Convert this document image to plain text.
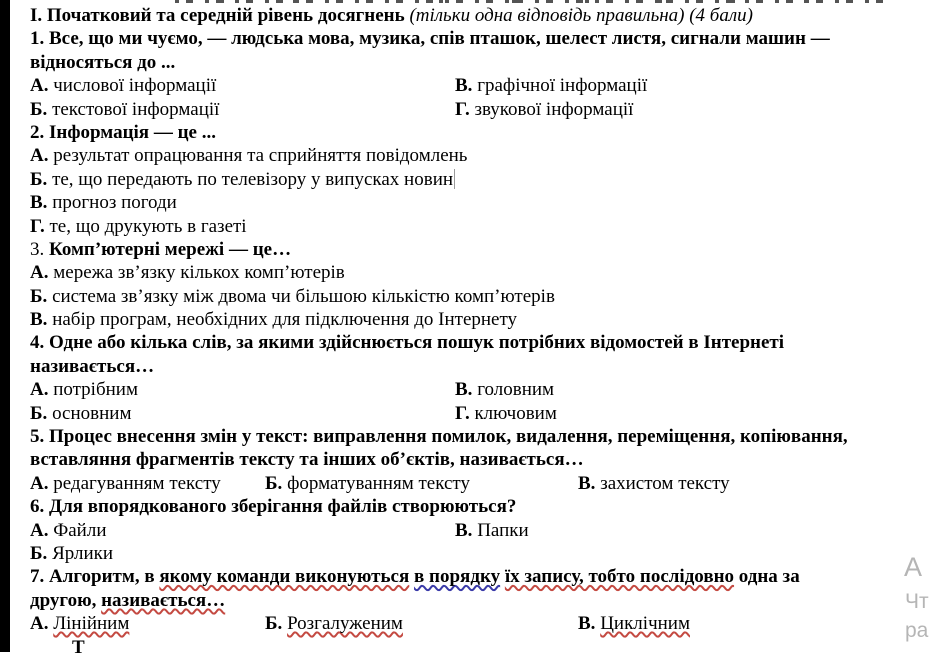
І. Початковий та середній рівень досягнень (тільки одна відповідь правильна) (4 бали)
1. Все, що ми чуємо, — людська мова, музика, спів пташок, шелест листя, сигнали машин —
відносяться до ...
А. числової інформації	В. графічної інформації
Б. текстової інформації	Г. звукової інформації
2. Інформація — це ...
А. результат опрацювання та сприйняття повідомлень
Б. те, що передають по телевізору у випусках новин
В. прогноз погоди
Г. те, що друкують в газеті
3. Комп’ютерні мережі — це…
А. мережа зв’язку кількох комп’ютерів
Б. система зв’язку між двома чи більшою кількістю комп’ютерів
В. набір програм, необхідних для підключення до Інтернету
4. Одне або кілька слів, за якими здійснюється пошук потрібних відомостей в Інтернеті
називається…
А. потрібним	В. головним
Б. основним	Г. ключовим
5. Процес внесення змін у текст: виправлення помилок, видалення, переміщення, копіювання,
вставляння фрагментів тексту та інших об’єктів, називається…
А. редагуванням тексту Б. форматуванням тексту	В. захистом тексту
6. Для впорядкованого зберігання файлів створюються?
А. Файли	В. Папки
Б. Ярлики
7. Алгоритм, в якому команди виконуються в порядку їх запису, тобто послідовно одна за
другою, називається…
А. Лінійним	Б. Розгалуженим	В. Циклічним
Т
А
Чт
ра
